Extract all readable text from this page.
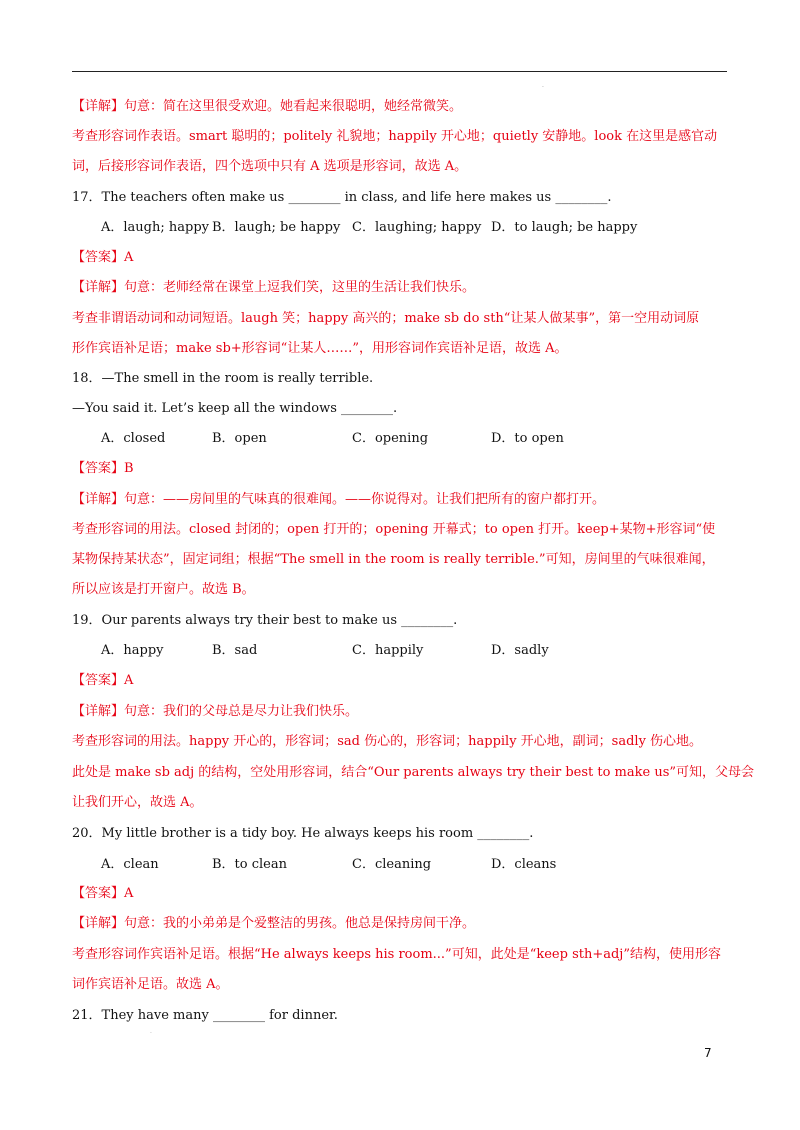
.
【详解】句意：简在这里很受欢迎。她看起来很聪明，她经常微笑。
考查形容词作表语。smart 聪明的；politely 礼貌地；happily 开心地；quietly 安静地。look 在这里是感官动
词，后接形容词作表语，四个选项中只有 A 选项是形容词，故选 A。
17．The teachers often make us ________ in class, and life here makes us ________.
A．laugh; happy B．laugh; be happy C．laughing; happy D．to laugh; be happy
【答案】A
【详解】句意：老师经常在课堂上逗我们笑，这里的生活让我们快乐。
考查非谓语动词和动词短语。laugh 笑；happy 高兴的；make sb do sth“让某人做某事”，第一空用动词原
形作宾语补足语；make sb+形容词“让某人……”，用形容词作宾语补足语，故选 A。
18．—The smell in the room is really terrible.
—You said it. Let’s keep all the windows ________.
A．closed	B．open	C．opening	D．to open
【答案】B
【详解】句意：——房间里的气味真的很难闻。——你说得对。让我们把所有的窗户都打开。
考查形容词的用法。closed 封闭的；open 打开的；opening 开幕式；to open 打开。keep+某物+形容词“使
某物保持某状态”，固定词组；根据“The smell in the room is really terrible.”可知，房间里的气味很难闻，
所以应该是打开窗户。故选 B。
19．Our parents always try their best to make us ________.
A．happy	B．sad	C．happily	D．sadly
【答案】A
【详解】句意：我们的父母总是尽力让我们快乐。
考查形容词的用法。happy 开心的，形容词；sad 伤心的，形容词；happily 开心地，副词；sadly 伤心地。
此处是 make sb adj 的结构，空处用形容词，结合“Our parents always try their best to make us”可知，父母会
让我们开心，故选 A。
20．My little brother is a tidy boy. He always keeps his room ________.
A．clean	B．to clean	C．cleaning	D．cleans
【答案】A
【详解】句意：我的小弟弟是个爱整洁的男孩。他总是保持房间干净。
考查形容词作宾语补足语。根据“He always keeps his room...”可知，此处是“keep sth+adj”结构，使用形容
词作宾语补足语。故选 A。
21．They have many ________ for dinner.
.
7
